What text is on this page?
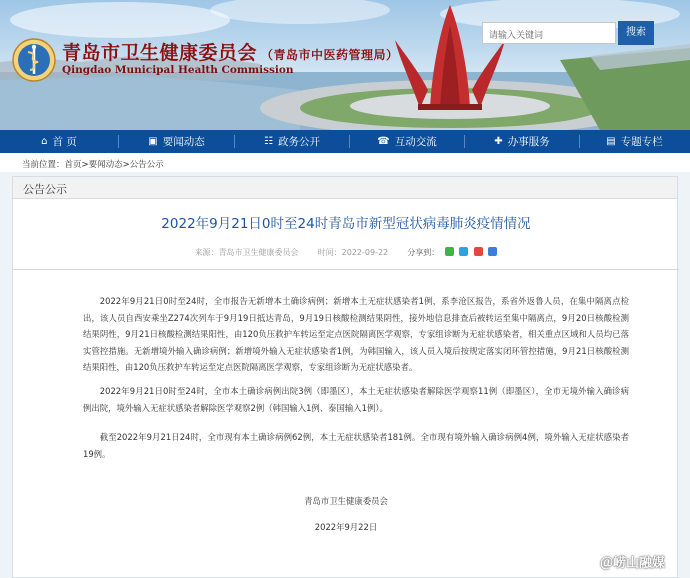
青岛市卫生健康委员会 （青岛市中医药管理局）
Qingdao Municipal Health Commission
请输入关键词	搜索
⌂ 首 页	▣ 要闻动态	☷ 政务公开	☎ 互动交流	✚ 办事服务	▤ 专题专栏
当前位置：首页>要闻动态>公告公示
公告公示
2022年9月21日0时至24时青岛市新型冠状病毒肺炎疫情情况
来源：青岛市卫生健康委员会 时间：2022-09-22 分享到：

2022年9月21日0时至24时，全市报告无新增本土确诊病例；新增本土无症状感染者1例，系李沧区报告，系省外返鲁人员，在集中隔离点检出，该人员自西安乘坐Z274次列车于9月19日抵达青岛，9月19日核酸检测结果阴性，接外地信息排查后被转运至集中隔离点，9月20日核酸检测结果阴性，9月21日核酸检测结果阳性，由120负压救护车转运至定点医院隔离医学观察，专家组诊断为无症状感染者，相关重点区域和人员均已落实管控措施。无新增境外输入确诊病例；新增境外输入无症状感染者1例，为韩国输入，该人员入境后按规定落实闭环管控措施，9月21日核酸检测结果阳性，由120负压救护车转运至定点医院隔离医学观察，专家组诊断为无症状感染者。

2022年9月21日0时至24时，全市本土确诊病例出院3例（即墨区），本土无症状感染者解除医学观察11例（即墨区），全市无境外输入确诊病例出院，境外输入无症状感染者解除医学观察2例（韩国输入1例、泰国输入1例）。

截至2022年9月21日24时，全市现有本土确诊病例62例，本土无症状感染者181例。全市现有境外输入确诊病例4例，境外输入无症状感染者19例。

青岛市卫生健康委员会
2022年9月22日
＠崂山融媒
